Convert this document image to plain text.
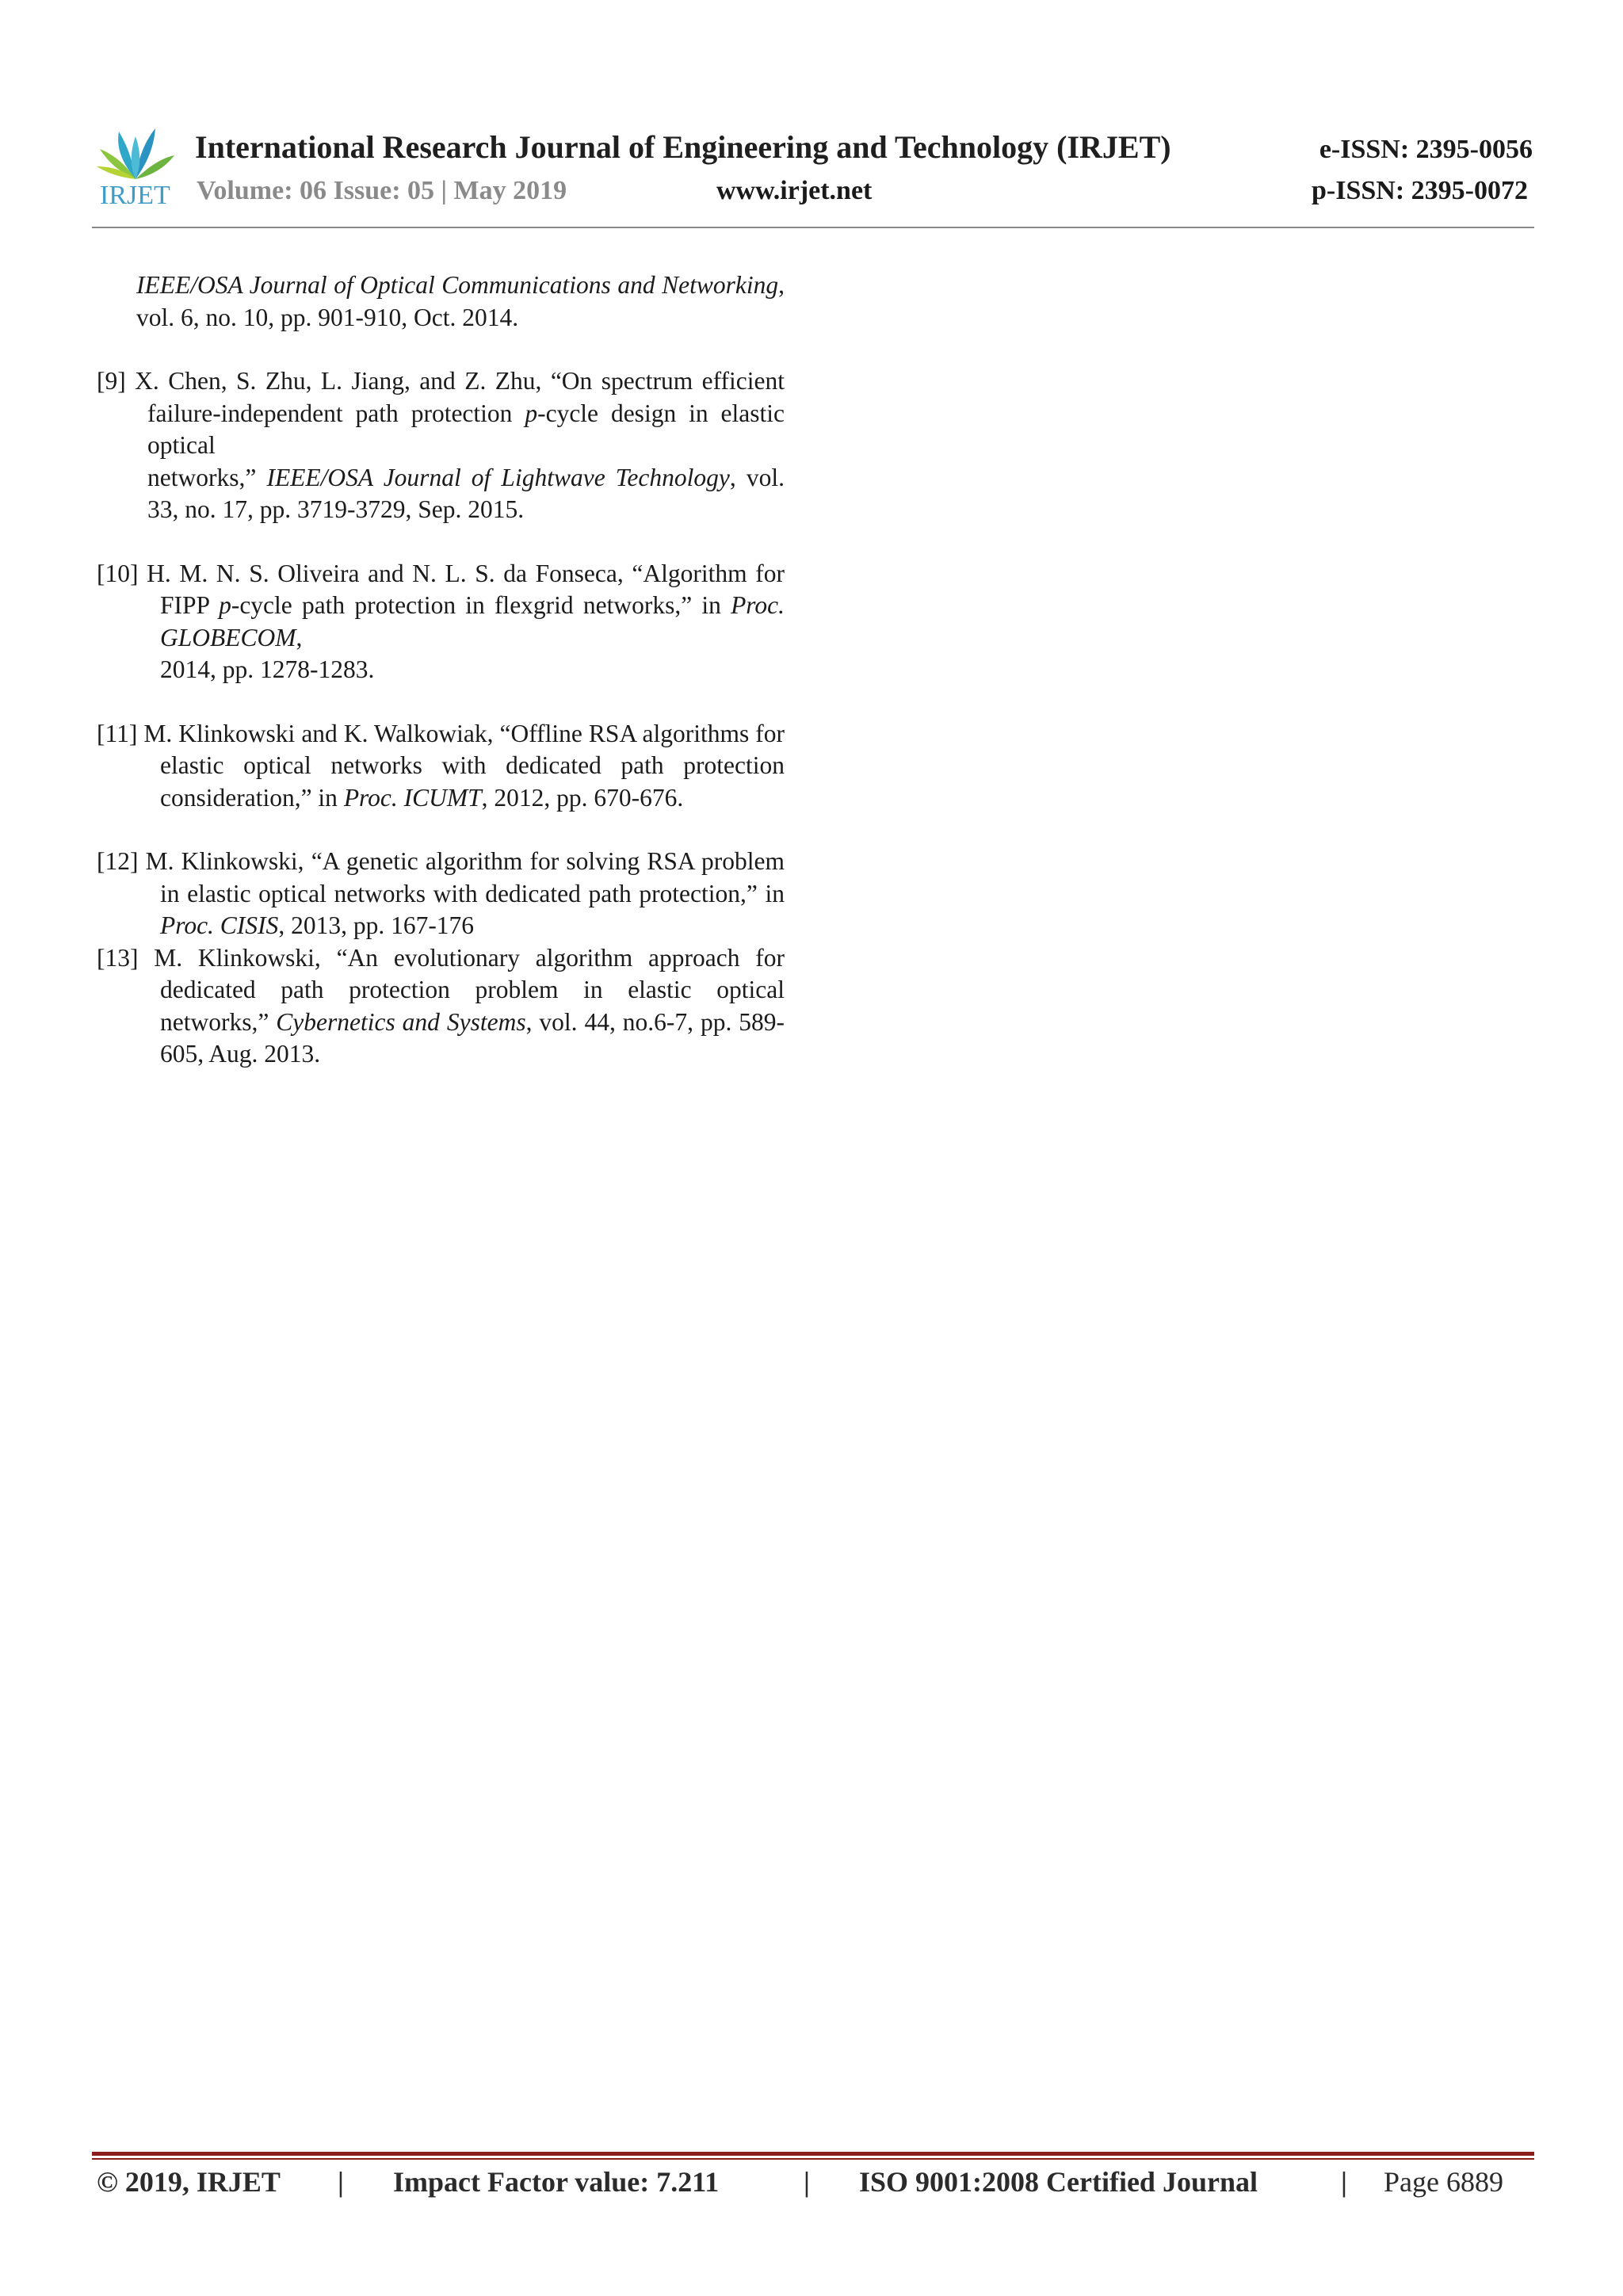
IRJET
International Research Journal of Engineering and Technology (IRJET)	e-ISSN: 2395-0056
Volume: 06 Issue: 05 | May 2019	www.irjet.net	p-ISSN: 2395-0072

IEEE/OSA Journal of Optical Communications and Networking, vol. 6, no. 10, pp. 901-910, Oct. 2014.

[9] X. Chen, S. Zhu, L. Jiang, and Z. Zhu, “On spectrum efficient failure-independent path protection p-cycle design in elastic optical
networks,” IEEE/OSA Journal of Lightwave Technology, vol. 33, no. 17, pp. 3719-3729, Sep. 2015.

[10] H. M. N. S. Oliveira and N. L. S. da Fonseca, “Algorithm for FIPP p-cycle path protection in flexgrid networks,” in Proc. GLOBECOM,
2014, pp. 1278-1283.

[11] M. Klinkowski and K. Walkowiak, “Offline RSA algorithms for elastic optical networks with dedicated path protection consideration,” in Proc. ICUMT, 2012, pp. 670-676.

[12] M. Klinkowski, “A genetic algorithm for solving RSA problem in elastic optical networks with dedicated path protection,” in Proc. CISIS, 2013, pp. 167-176

[13] M. Klinkowski, “An evolutionary algorithm approach for dedicated path protection problem in elastic optical networks,” Cybernetics and Systems, vol. 44, no.6-7, pp. 589-605, Aug. 2013.

© 2019, IRJET | Impact Factor value: 7.211	| ISO 9001:2008 Certified Journal	| Page 6889
